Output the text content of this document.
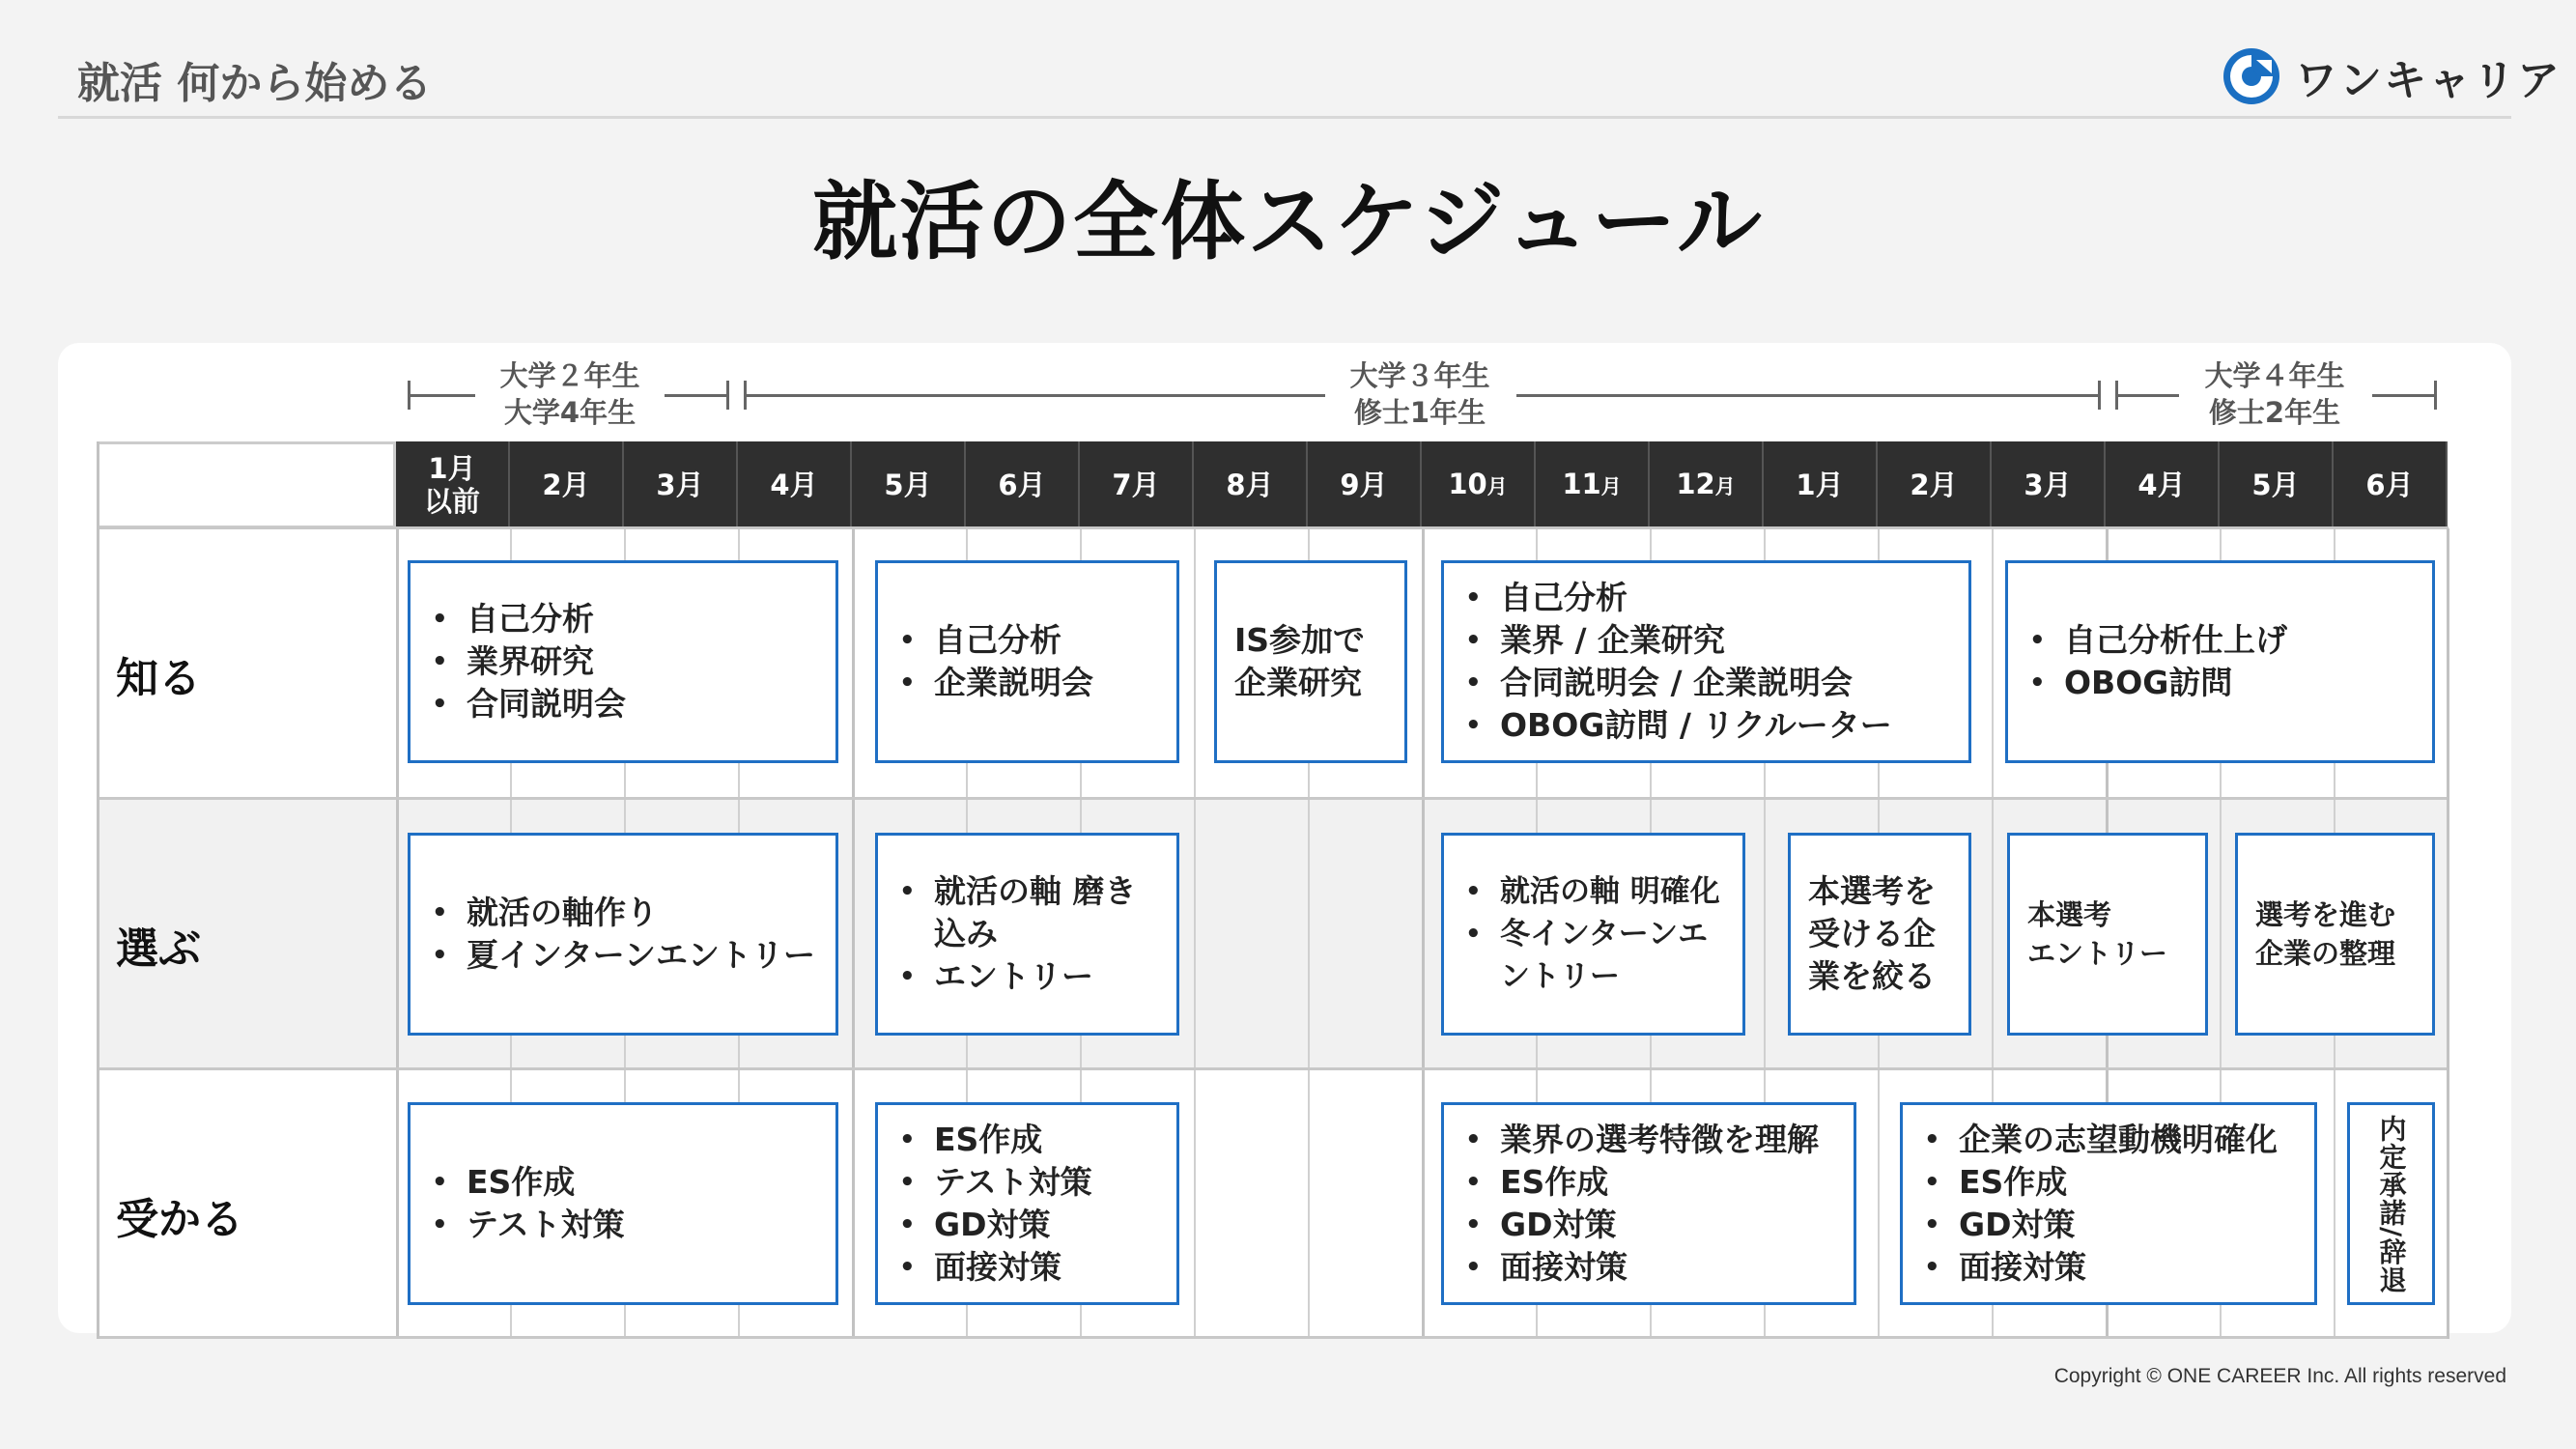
就活 何から始める	ワンキャリア
就活の全体スケジュール
大学２年生
大学4年生
大学３年生
修士1年生
大学４年生
修士2年生
1月
以前 2月 3月 4月 5月 6月 7月 8月 9月 10月 11月 12月 1月 2月 3月 4月 5月 6月
知る
選ぶ
受かる
• 自己分析
• 業界研究
• 合同説明会
• 自己分析
• 企業説明会
IS参加で
企業研究
• 自己分析
• 業界 / 企業研究
• 合同説明会 / 企業説明会
• OBOG訪問 / リクルーター
• 自己分析仕上げ
• OBOG訪問
• 就活の軸作り
• 夏インターンエントリー
• 就活の軸 磨き込み
• エントリー
• 就活の軸 明確化
• 冬インターンエントリー
本選考を
受ける企
業を絞る
本選考
エントリー
選考を進む
企業の整理
• ES作成
• テスト対策
• ES作成
• テスト対策
• GD対策
• 面接対策
• 業界の選考特徴を理解
• ES作成
• GD対策
• 面接対策
• 企業の志望動機明確化
• ES作成
• GD対策
• 面接対策	内定承諾/辞退
Copyright © ONE CAREER Inc. All rights reserved
